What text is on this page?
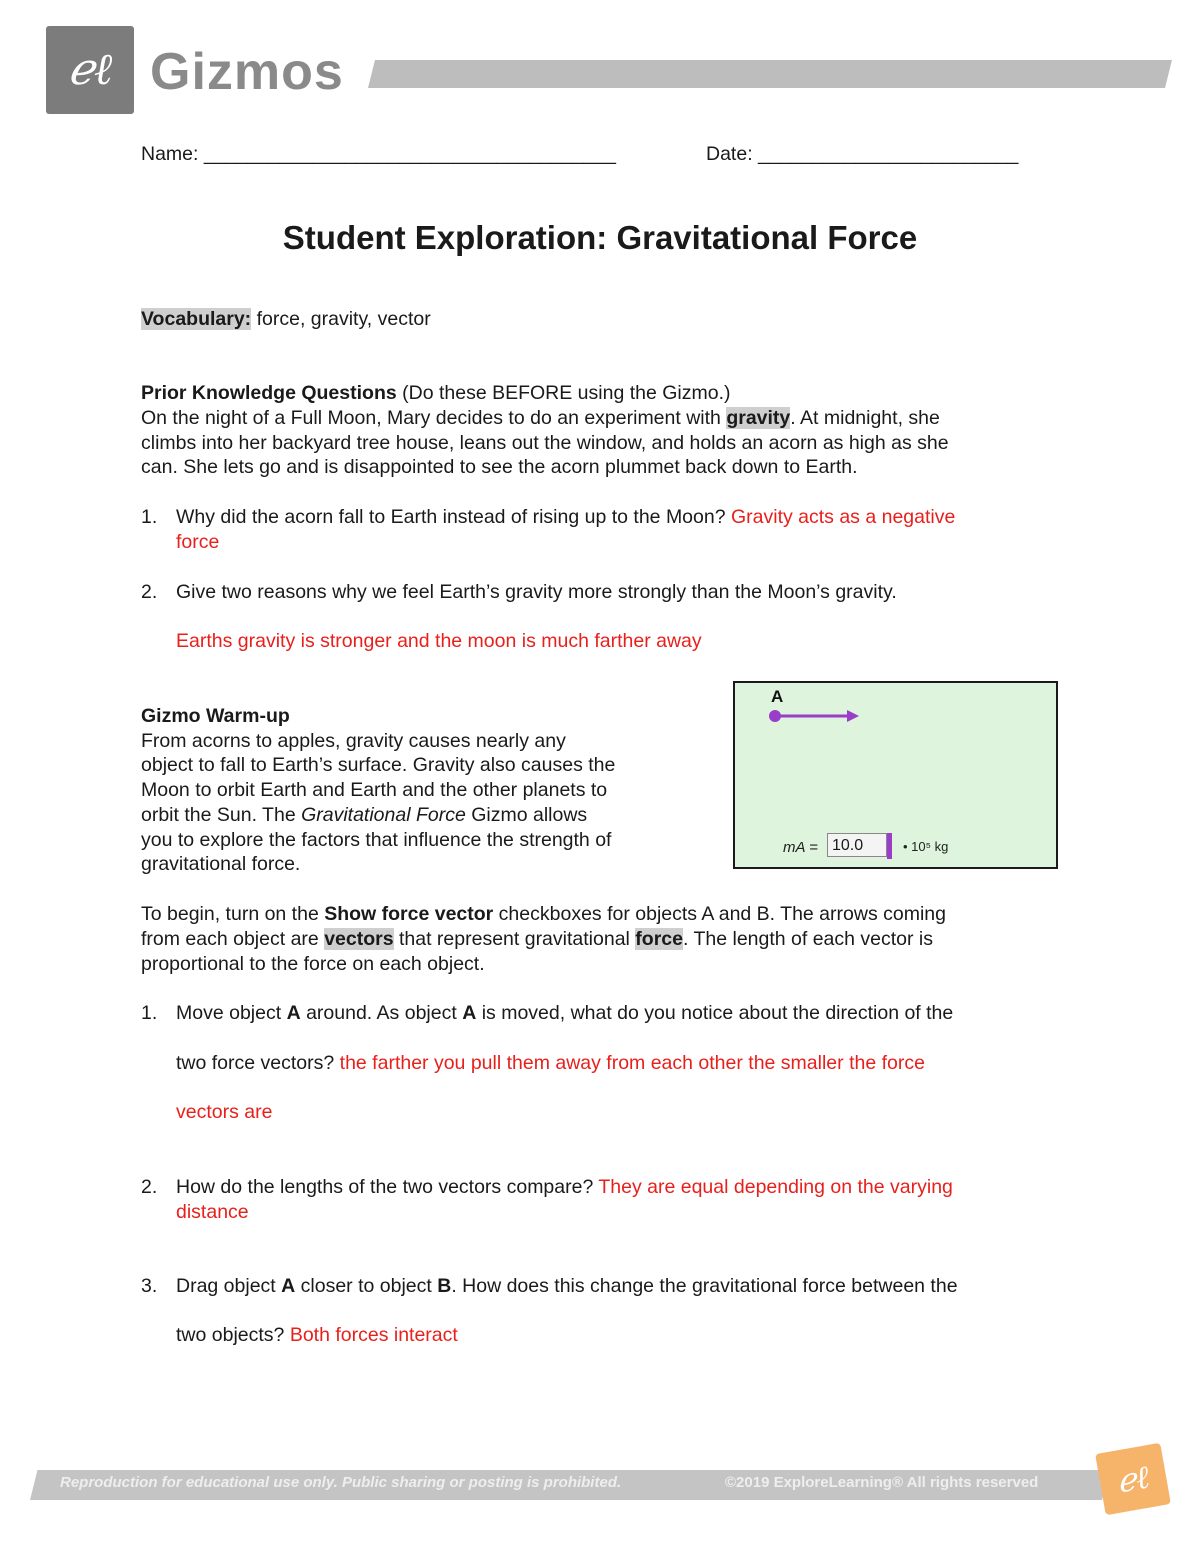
ℯℓ Gizmos
Name: ______________________________________	Date: ________________________
Student Exploration: Gravitational Force
Vocabulary: force, gravity, vector
Prior Knowledge Questions (Do these BEFORE using the Gizmo.)
On the night of a Full Moon, Mary decides to do an experiment with gravity. At midnight, she
climbs into her backyard tree house, leans out the window, and holds an acorn as high as she
can. She lets go and is disappointed to see the acorn plummet back down to Earth.
1. Why did the acorn fall to Earth instead of rising up to the Moon? Gravity acts as a negative
force
2. Give two reasons why we feel Earth’s gravity more strongly than the Moon’s gravity.
Earths gravity is stronger and the moon is much farther away
Gizmo Warm-up
From acorns to apples, gravity causes nearly any
object to fall to Earth’s surface. Gravity also causes the
Moon to orbit Earth and Earth and the other planets to
orbit the Sun. The Gravitational Force Gizmo allows
you to explore the factors that influence the strength of
gravitational force.
A
mA = 10.0	• 10⁵ kg
To begin, turn on the Show force vector checkboxes for objects A and B. The arrows coming
from each object are vectors that represent gravitational force. The length of each vector is
proportional to the force on each object.
1. Move object A around. As object A is moved, what do you notice about the direction of the
two force vectors? the farther you pull them away from each other the smaller the force
vectors are
2. How do the lengths of the two vectors compare? They are equal depending on the varying
distance
3. Drag object A closer to object B. How does this change the gravitational force between the
two objects? Both forces interact
Reproduction for educational use only. Public sharing or posting is prohibited.	©2019 ExploreLearning® All rights reserved	ℯℓ
